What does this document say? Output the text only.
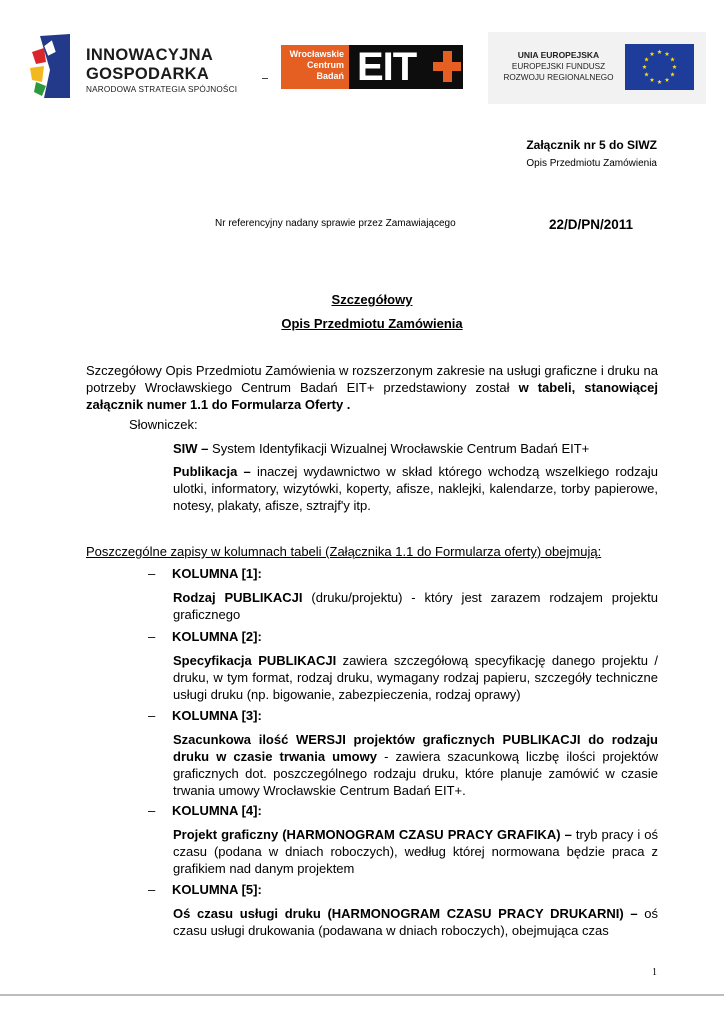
INNOWACYJNA
GOSPODARKA
NARODOWA STRATEGIA SPÓJNOŚCI
Wrocławskie
Centrum
Badań EIT	UNIA EUROPEJSKA
EUROPEJSKI FUNDUSZ
ROZWOJU REGIONALNEGO
Załącznik nr 5 do SIWZ
Opis Przedmiotu Zamówienia
Nr referencyjny nadany sprawie przez Zamawiającego	22/D/PN/2011
Szczegółowy
Opis Przedmiotu Zamówienia

Szczegółowy Opis Przedmiotu Zamówienia w rozszerzonym zakresie na usługi graficzne i druku na potrzeby Wrocławskiego Centrum Badań EIT+ przedstawiony został w tabeli, stanowiącej załącznik numer 1.1 do Formularza Oferty .

Słowniczek:

SIW – System Identyfikacji Wizualnej Wrocławskie Centrum Badań EIT+

Publikacja – inaczej wydawnictwo w skład którego wchodzą wszelkiego rodzaju ulotki, informatory, wizytówki, koperty, afisze, naklejki, kalendarze, torby papierowe, notesy, plakaty, afisze, sztrajf'y itp.

Poszczególne zapisy w kolumnach tabeli (Załącznika 1.1 do Formularza oferty) obejmują:
– KOLUMNA [1]:

Rodzaj PUBLIKACJI (druku/projektu) - który jest zarazem rodzajem projektu graficznego

– KOLUMNA [2]:

Specyfikacja PUBLIKACJI zawiera szczegółową specyfikację danego projektu / druku, w tym format, rodzaj druku, wymagany rodzaj papieru, szczegóły techniczne usługi druku (np. bigowanie, zabezpieczenia, rodzaj oprawy)

– KOLUMNA [3]:

Szacunkowa ilość WERSJI projektów graficznych PUBLIKACJI do rodzaju druku w czasie trwania umowy - zawiera szacunkową liczbę ilości projektów graficznych dot. poszczególnego rodzaju druku, które planuje zamówić w czasie trwania umowy Wrocławskie Centrum Badań EIT+.

– KOLUMNA [4]:

Projekt graficzny (HARMONOGRAM CZASU PRACY GRAFIKA) – tryb pracy i oś czasu (podana w dniach roboczych), według której normowana będzie praca z grafikiem nad danym projektem

– KOLUMNA [5]:

Oś czasu usługi druku (HARMONOGRAM CZASU PRACY DRUKARNI) – oś czasu usługi drukowania (podawana w dniach roboczych), obejmująca czas

1
